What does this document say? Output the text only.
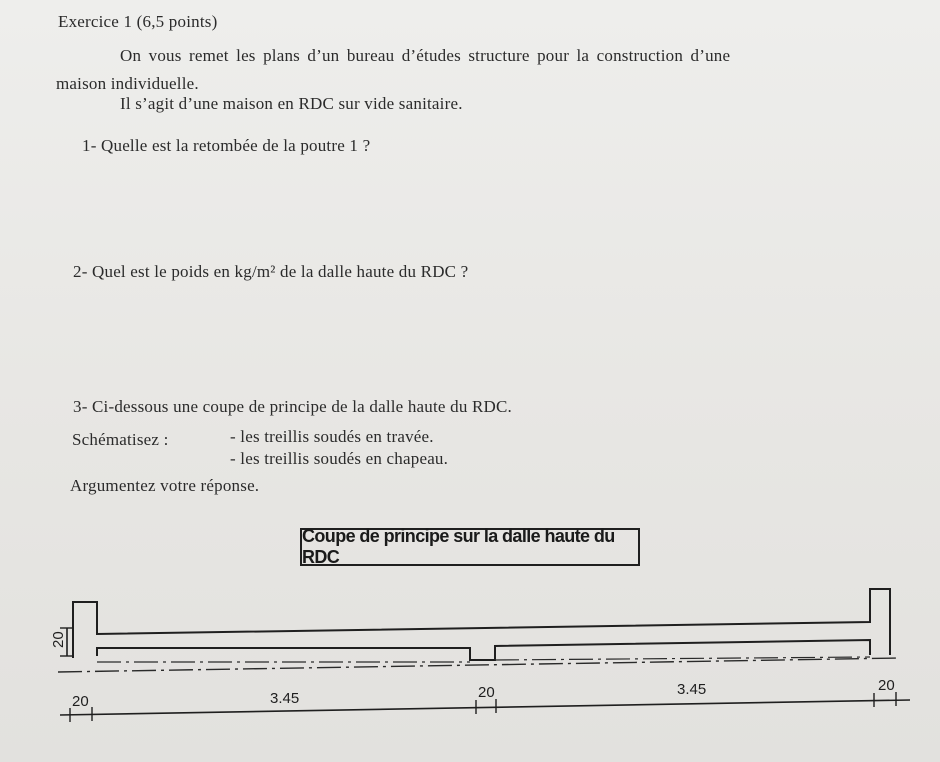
Exercice 1 (6,5 points)
On vous remet les plans d’un bureau d’études structure pour la construction d’une
maison individuelle.
Il s’agit d’une maison en RDC sur vide sanitaire.
1- Quelle est la retombée de la poutre 1 ?
2- Quel est le poids en kg/m² de la dalle haute du RDC ?
3- Ci-dessous une coupe de principe de la dalle haute du RDC.
Schématisez :	- les treillis soudés en travée.
- les treillis soudés en chapeau.
Argumentez votre réponse.
Coupe de principe sur la dalle haute du RDC
20
20	3.45	20	3.45	20
